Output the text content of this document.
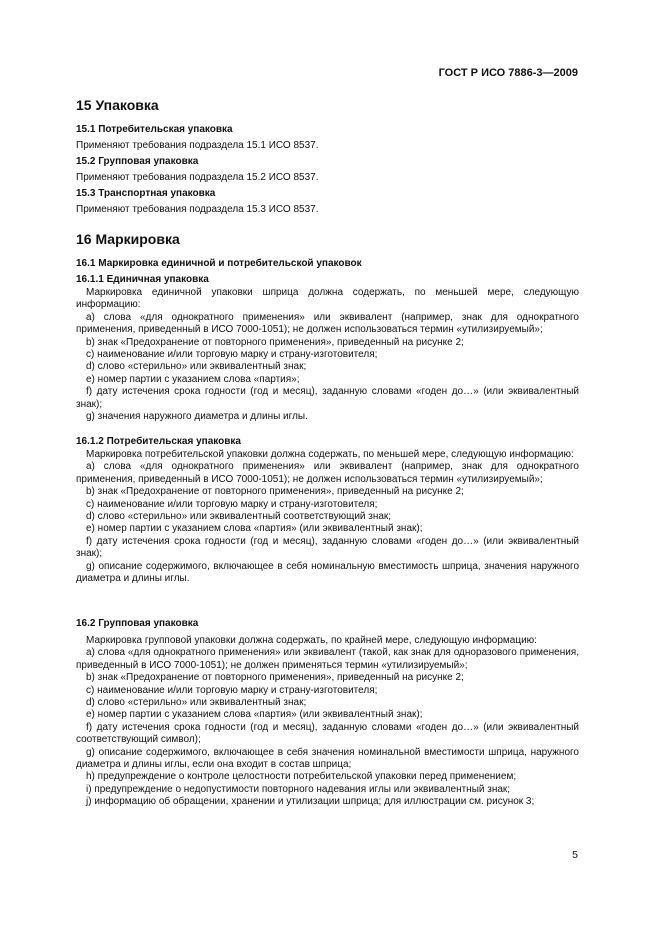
ГОСТ Р ИСО 7886-3—2009
15 Упаковка

15.1 Потребительская упаковка

Применяют требования подраздела 15.1 ИСО 8537.

15.2 Групповая упаковка

Применяют требования подраздела 15.2 ИСО 8537.

15.3 Транспортная упаковка

Применяют требования подраздела 15.3 ИСО 8537.

16 Маркировка

16.1 Маркировка единичной и потребительской упаковок

16.1.1 Единичная упаковка

Маркировка единичной упаковки шприца должна содержать, по меньшей мере, следующую информацию:

a) слова «для однократного применения» или эквивалент (например, знак для однократного применения, приведенный в ИСО 7000-1051); не должен использоваться термин «утилизируемый»;

b) знак «Предохранение от повторного применения», приведенный на рисунке 2;

c) наименование и/или торговую марку и страну-изготовителя;

d) слово «стерильно» или эквивалентный знак;

e) номер партии с указанием слова «партия»;

f) дату истечения срока годности (год и месяц), заданную словами «годен до…» (или эквивалентный знак);

g) значения наружного диаметра и длины иглы.

16.1.2 Потребительская упаковка

Маркировка потребительской упаковки должна содержать, по меньшей мере, следующую информацию:

a) слова «для однократного применения» или эквивалент (например, знак для однократного применения, приведенный в ИСО 7000-1051); не должен использоваться термин «утилизируемый»;

b) знак «Предохранение от повторного применения», приведенный на рисунке 2;

c) наименование и/или торговую марку и страну-изготовителя;

d) слово «стерильно» или эквивалентный соответствующий знак;

e) номер партии с указанием слова «партия» (или эквивалентный знак);

f) дату истечения срока годности (год и месяц), заданную словами «годен до…» (или эквивалентный знак);

g) описание содержимого, включающее в себя номинальную вместимость шприца, значения наружного диаметра и длины иглы.

16.2 Групповая упаковка

Маркировка групповой упаковки должна содержать, по крайней мере, следующую информацию:

a) слова «для однократного применения» или эквивалент (такой, как знак для одноразового применения, приведенный в ИСО 7000-1051); не должен применяться термин «утилизируемый»;

b) знак «Предохранение от повторного применения», приведенный на рисунке 2;

c) наименование и/или торговую марку и страну-изготовителя;

d) слово «стерильно» или эквивалентный знак;

e) номер партии с указанием слова «партия» (или эквивалентный знак);

f) дату истечения срока годности (год и месяц), заданную словами «годен до…» (или эквивалентный соответствующий символ);

g) описание содержимого, включающее в себя значения номинальной вместимости шприца, наружного диаметра и длины иглы, если она входит в состав шприца;

h) предупреждение о контроле целостности потребительской упаковки перед применением;

i) предупреждение о недопустимости повторного надевания иглы или эквивалентный знак;

j) информацию об обращении, хранении и утилизации шприца; для иллюстрации см. рисунок 3;

5
